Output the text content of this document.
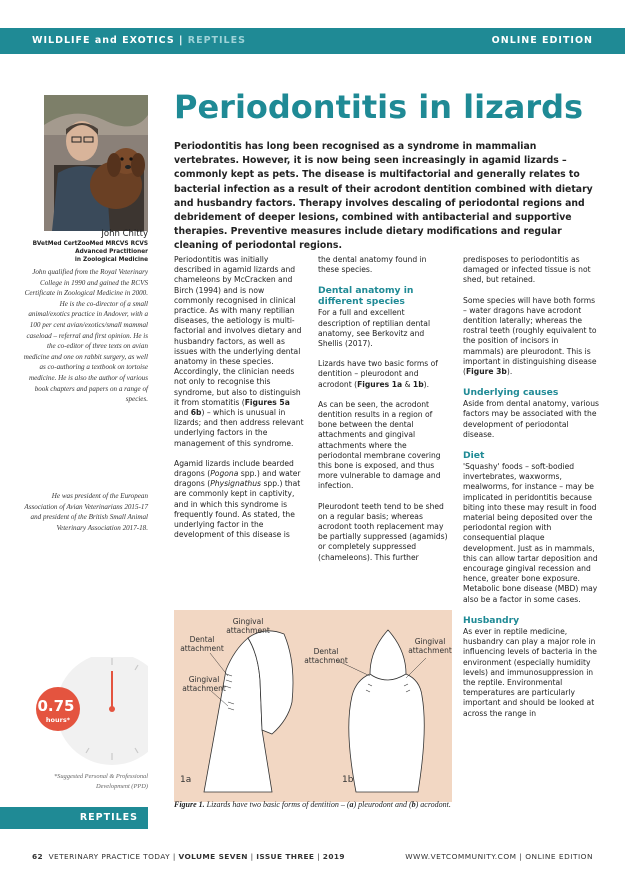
WILDLIFE and EXOTICS | REPTILES	ONLINE EDITION
John Chitty
BVetMed CertZooMed MRCVS RCVS
Advanced Practitioner
in Zoological Medicine

John qualified from the Royal Veterinary College in 1990 and gained the RCVS Certificate in Zoological Medicine in 2000. He is the co-director of a small animal/exotics practice in Andover, with a 100 per cent avian/exotics/small mammal caseload – referral and first opinion. He is the co-editor of three texts on avian medicine and one on rabbit surgery, as well as co-authoring a textbook on tortoise medicine. He is also the author of various book chapters and papers on a range of species.

He was president of the European Association of Avian Veterinarians 2015-17 and president of the British Small Animal Veterinary Association 2017-18.

0.75
hours*
*Suggested Personal & Professional Development (PPD)
REPTILES
Periodontitis in lizards

Periodontitis has long been recognised as a syndrome in mammalian vertebrates. However, it is now being seen increasingly in agamid lizards – commonly kept as pets. The disease is multifactorial and generally relates to bacterial infection as a result of their acrodont dentition combined with dietary and husbandry factors. Therapy involves descaling of periodontal regions and debridement of deeper lesions, combined with antibacterial and supportive therapies. Preventive measures include dietary modifications and regular cleaning of periodontal regions.

Periodontitis was initially described in agamid lizards and chameleons by McCracken and Birch (1994) and is now commonly recognised in clinical practice. As with many reptilian diseases, the aetiology is multi-factorial and involves dietary and husbandry factors, as well as issues with the underlying dental anatomy in these species. Accordingly, the clinician needs not only to recognise this syndrome, but also to distinguish it from stomatitis (Figures 5a and 6b) – which is unusual in lizards; and then address relevant underlying factors in the management of this syndrome.

Agamid lizards include bearded dragons (Pogona spp.) and water dragons (Physignathus spp.) that are commonly kept in captivity, and in which this syndrome is frequently found. As stated, the underlying factor in the development of this disease is

the dental anatomy found in these species.

Dental anatomy in different species

For a full and excellent description of reptilian dental anatomy, see Berkovitz and Shellis (2017).

Lizards have two basic forms of dentition – pleurodont and acrodont (Figures 1a & 1b).

As can be seen, the acrodont dentition results in a region of bone between the dental attachments and gingival attachments where the periodontal membrane covering this bone is exposed, and thus more vulnerable to damage and infection.

Pleurodont teeth tend to be shed on a regular basis; whereas acrodont tooth replacement may be partially suppressed (agamids) or completely suppressed (chameleons). This further

predisposes to periodontitis as damaged or infected tissue is not shed, but retained.

Some species will have both forms – water dragons have acrodont dentition laterally; whereas the rostral teeth (roughly equivalent to the position of incisors in mammals) are pleurodont. This is important in distinguishing disease (Figure 3b).

Underlying causes

Aside from dental anatomy, various factors may be associated with the development of periodontal disease.

Diet

'Squashy' foods – soft-bodied invertebrates, waxworms, mealworms, for instance – may be implicated in peridontitis because biting into these may result in food material being deposited over the periodontal region with consequential plaque development. Just as in mammals, this can allow tartar deposition and encourage gingival recession and hence, greater bone exposure. Metabolic bone disease (MBD) may also be a factor in some cases.

Husbandry

As ever in reptile medicine, husbandry can play a major role in influencing levels of bacteria in the environment (especially humidity levels) and immunosuppression in the reptile. Environmental temperatures are particularly important and should be looked at across the range in

Gingival attachment
Dental attachment
Gingival attachment
1a
Dental attachment
Gingival attachment
1b
Figure 1. Lizards have two basic forms of dentition – (a) pleurodont and (b) acrodont.
62 VETERINARY PRACTICE TODAY | VOLUME SEVEN | ISSUE THREE | 2019	WWW.VETCOMMUNITY.COM | ONLINE EDITION
